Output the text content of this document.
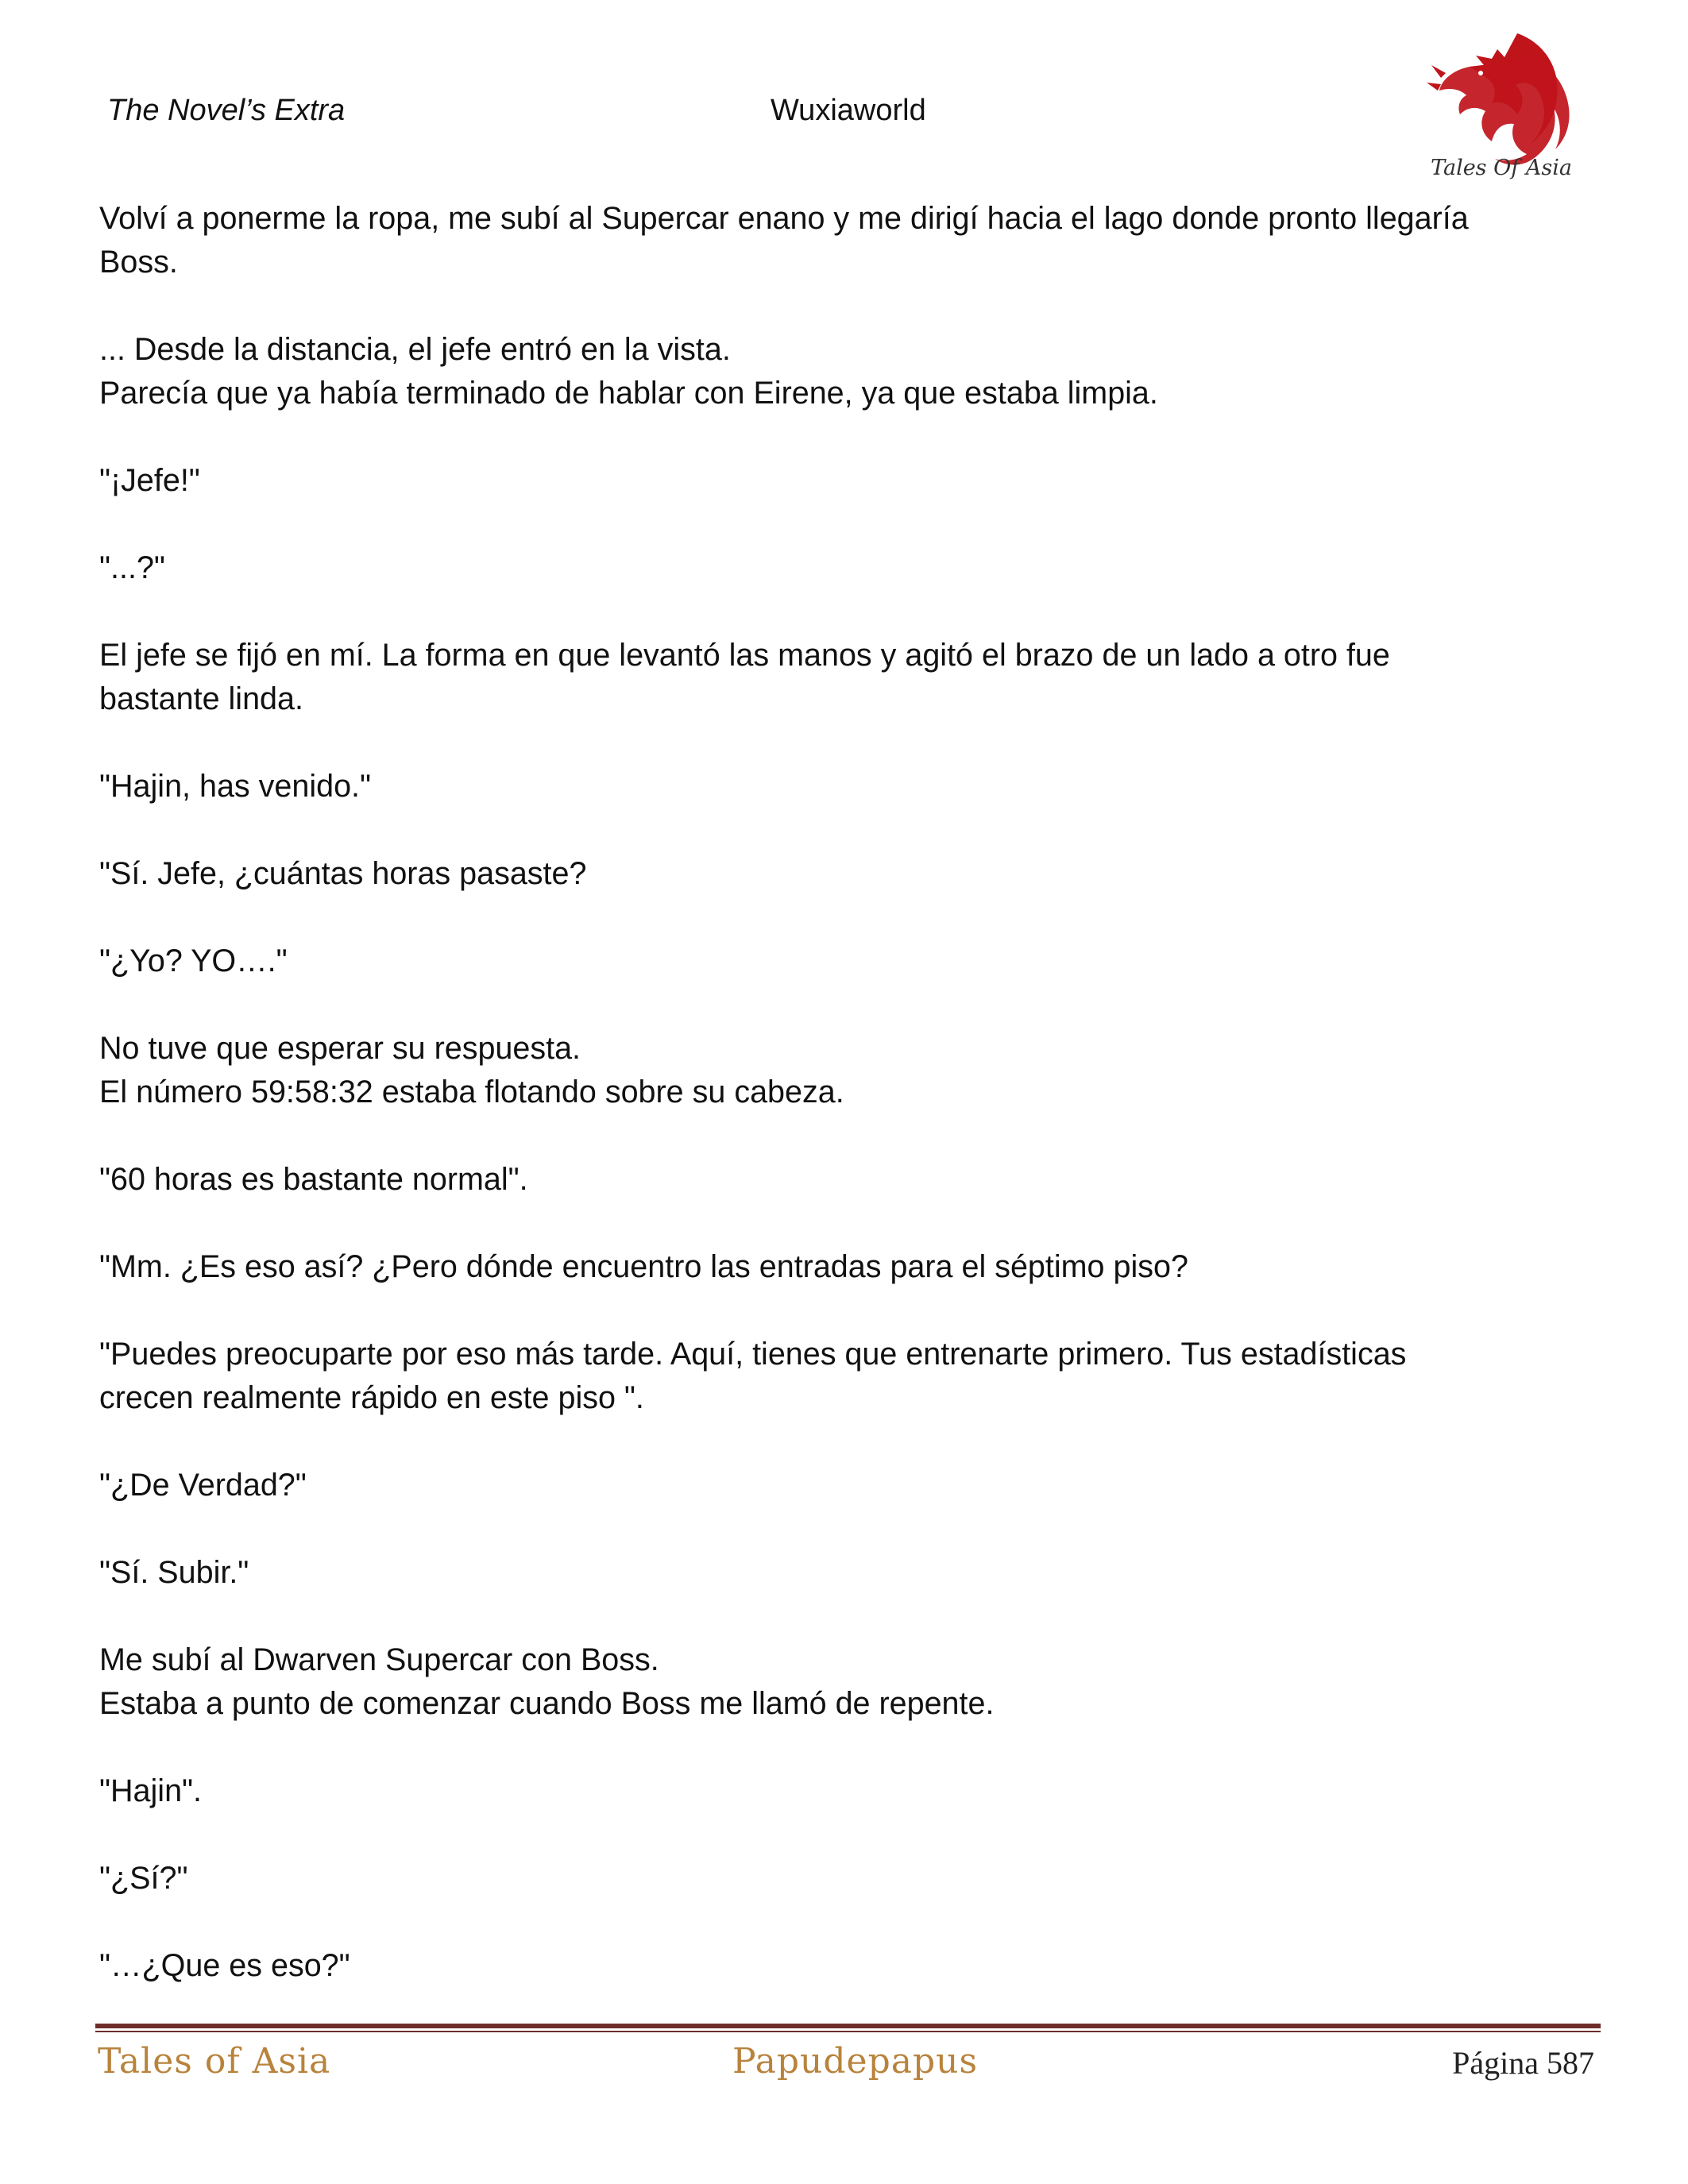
The Novel’s Extra	Wuxiaworld
Tales Of Asia

Volví a ponerme la ropa, me subí al Supercar enano y me dirigí hacia el lago donde pronto llegaría
Boss.

... Desde la distancia, el jefe entró en la vista.
Parecía que ya había terminado de hablar con Eirene, ya que estaba limpia.

"¡Jefe!"

"...?"

El jefe se fijó en mí. La forma en que levantó las manos y agitó el brazo de un lado a otro fue
bastante linda.

"Hajin, has venido."

"Sí. Jefe, ¿cuántas horas pasaste?

"¿Yo? YO…."

No tuve que esperar su respuesta.
El número 59:58:32 estaba flotando sobre su cabeza.

"60 horas es bastante normal".

"Mm. ¿Es eso así? ¿Pero dónde encuentro las entradas para el séptimo piso?

"Puedes preocuparte por eso más tarde. Aquí, tienes que entrenarte primero. Tus estadísticas
crecen realmente rápido en este piso ".

"¿De Verdad?"

"Sí. Subir."

Me subí al Dwarven Supercar con Boss.
Estaba a punto de comenzar cuando Boss me llamó de repente.

"Hajin".

"¿Sí?"

"…¿Que es eso?"

Tales of Asia	Papudepapus	Página 587
